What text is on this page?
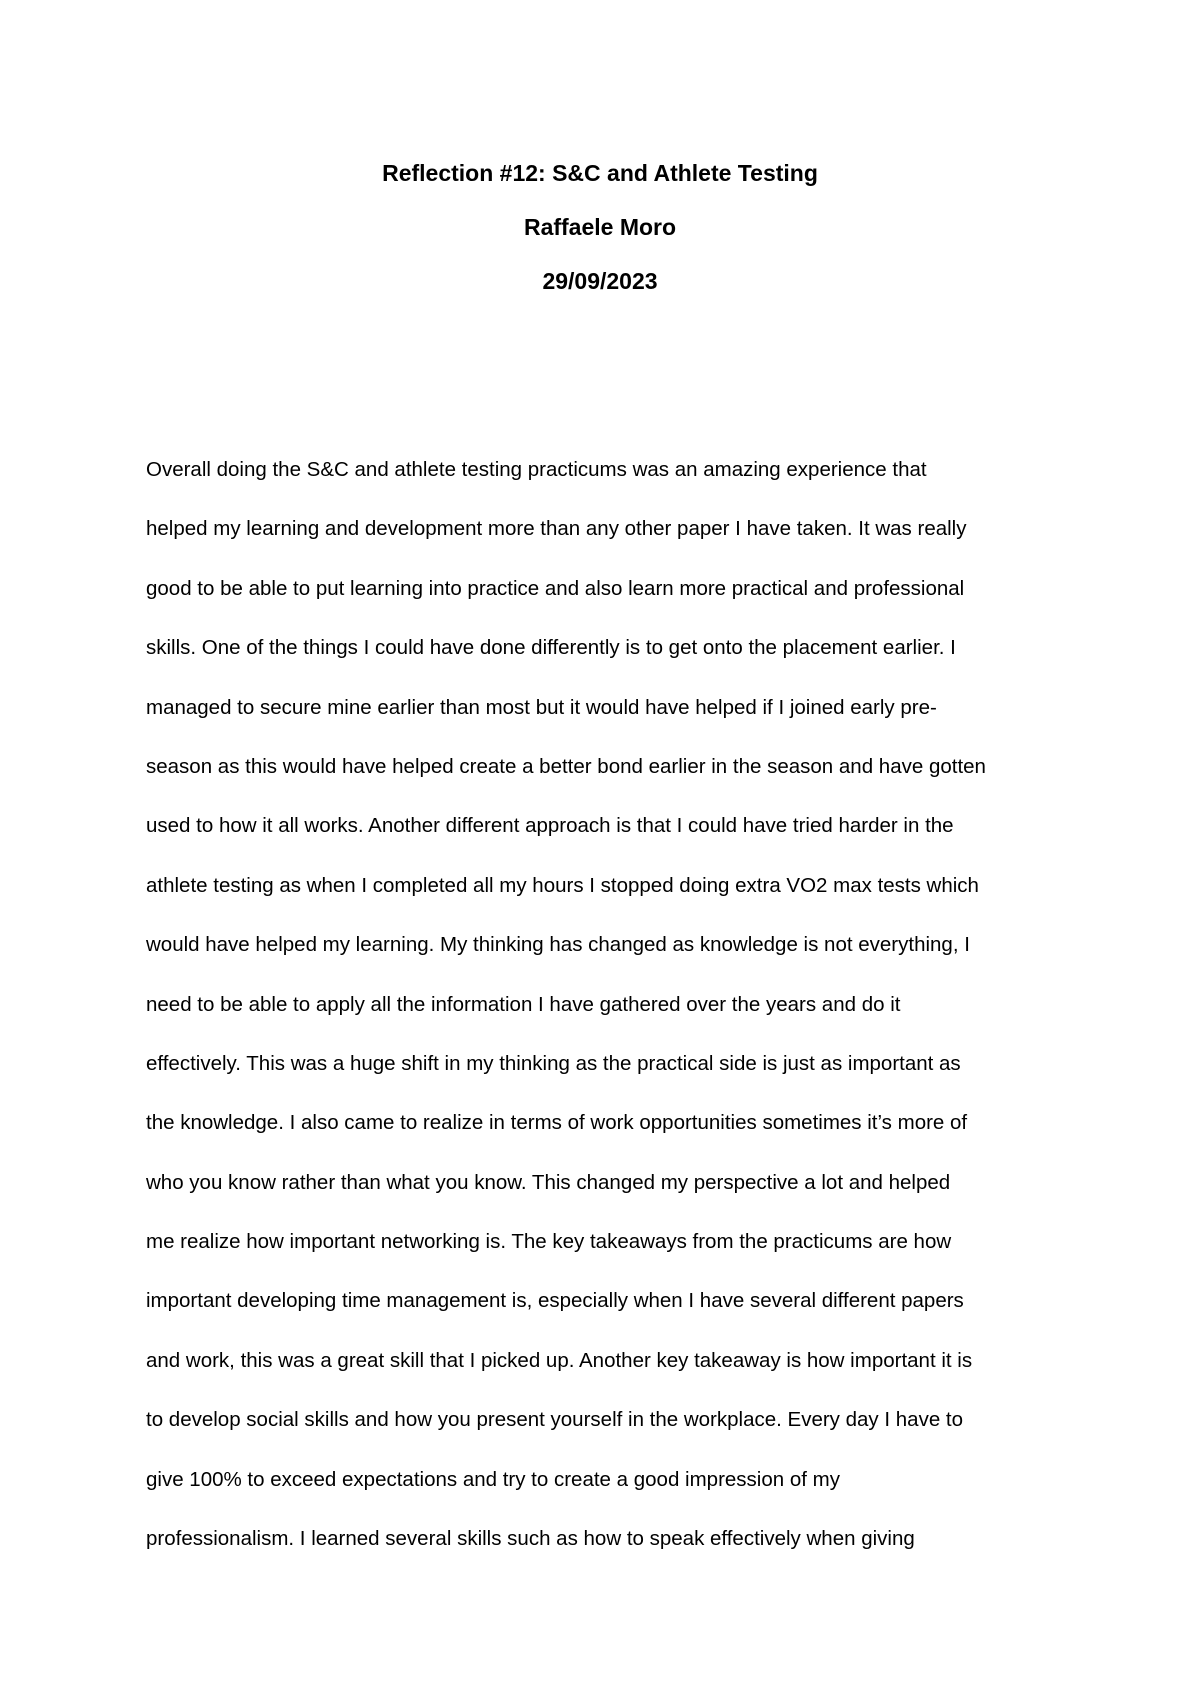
Reflection #12: S&C and Athlete Testing
Raffaele Moro
29/09/2023
Overall doing the S&C and athlete testing practicums was an amazing experience that
helped my learning and development more than any other paper I have taken. It was really
good to be able to put learning into practice and also learn more practical and professional
skills. One of the things I could have done differently is to get onto the placement earlier. I
managed to secure mine earlier than most but it would have helped if I joined early pre-
season as this would have helped create a better bond earlier in the season and have gotten
used to how it all works. Another different approach is that I could have tried harder in the
athlete testing as when I completed all my hours I stopped doing extra VO2 max tests which
would have helped my learning. My thinking has changed as knowledge is not everything, I
need to be able to apply all the information I have gathered over the years and do it
effectively. This was a huge shift in my thinking as the practical side is just as important as
the knowledge. I also came to realize in terms of work opportunities sometimes it’s more of
who you know rather than what you know. This changed my perspective a lot and helped
me realize how important networking is. The key takeaways from the practicums are how
important developing time management is, especially when I have several different papers
and work, this was a great skill that I picked up. Another key takeaway is how important it is
to develop social skills and how you present yourself in the workplace. Every day I have to
give 100% to exceed expectations and try to create a good impression of my
professionalism. I learned several skills such as how to speak effectively when giving
